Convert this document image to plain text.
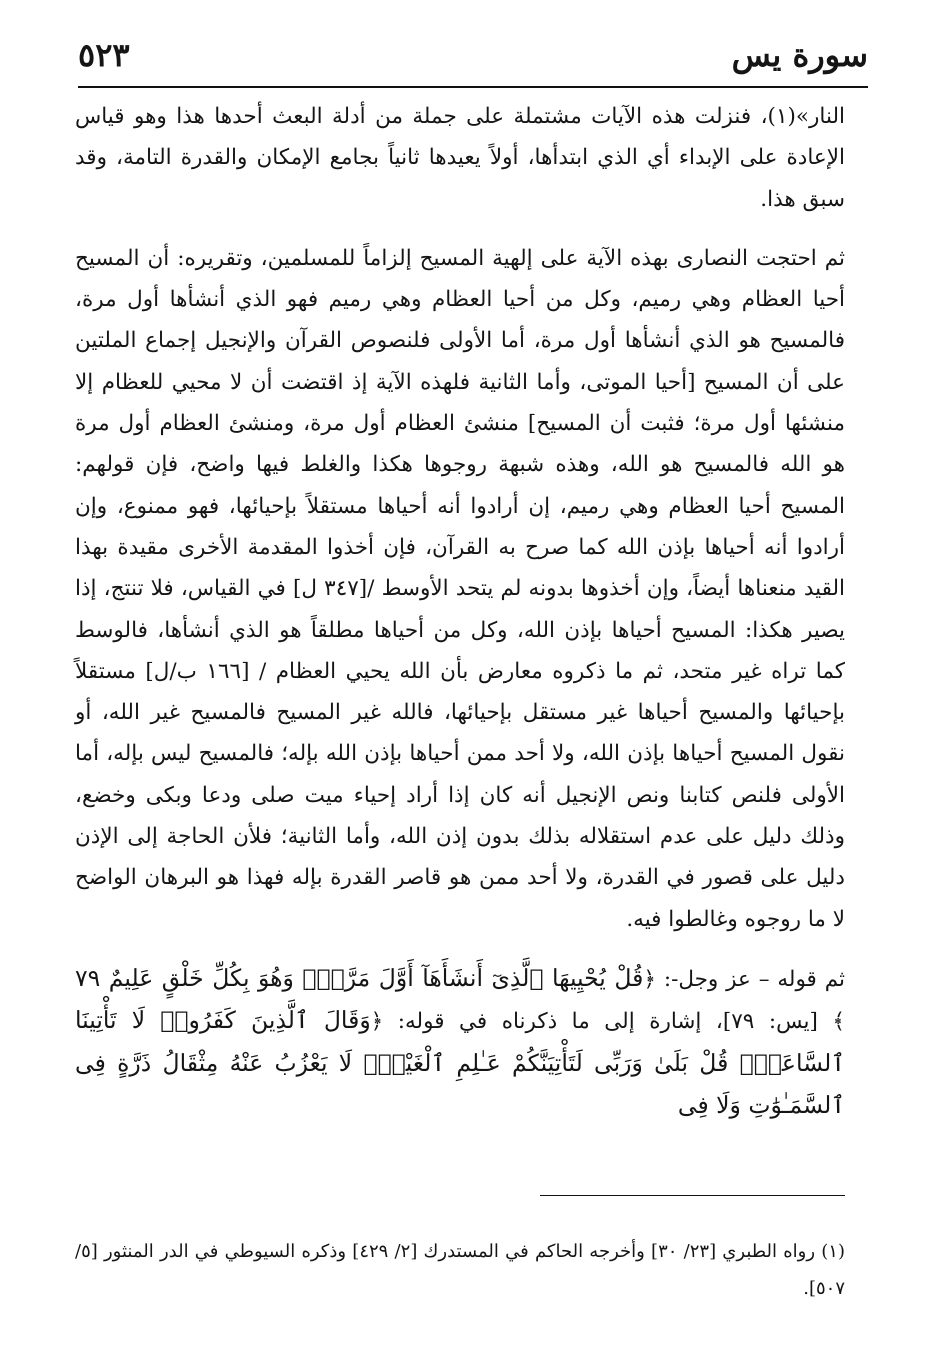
٥٢٣	سورة يس

النار»(١)، فنزلت هذه الآيات مشتملة على جملة من أدلة البعث أحدها هذا وهو قياس الإعادة على الإبداء أي الذي ابتدأها، أولاً يعيدها ثانياً بجامع الإمكان والقدرة التامة، وقد سبق هذا.

ثم احتجت النصارى بهذه الآية على إلهية المسيح إلزاماً للمسلمين، وتقريره: أن المسيح أحيا العظام وهي رميم، وكل من أحيا العظام وهي رميم فهو الذي أنشأها أول مرة، فالمسيح هو الذي أنشأها أول مرة، أما الأولى فلنصوص القرآن والإنجيل إجماع الملتين على أن المسيح [أحيا الموتى، وأما الثانية فلهذه الآية إذ اقتضت أن لا محيي للعظام إلا منشئها أول مرة؛ فثبت أن المسيح] منشئ العظام أول مرة، ومنشئ العظام أول مرة هو الله فالمسيح هو الله، وهذه شبهة روجوها هكذا والغلط فيها واضح، فإن قولهم: المسيح أحيا العظام وهي رميم، إن أرادوا أنه أحياها مستقلاً بإحيائها، فهو ممنوع، وإن أرادوا أنه أحياها بإذن الله كما صرح به القرآن، فإن أخذوا المقدمة الأخرى مقيدة بهذا القيد منعناها أيضاً، وإن أخذوها بدونه لم يتحد الأوسط /[٣٤٧ ل] في القياس، فلا تنتج، إذا يصير هكذا: المسيح أحياها بإذن الله، وكل من أحياها مطلقاً هو الذي أنشأها، فالوسط كما تراه غير متحد، ثم ما ذكروه معارض بأن الله يحيي العظام / [١٦٦ ب/ل] مستقلاً بإحيائها والمسيح أحياها غير مستقل بإحيائها، فالله غير المسيح فالمسيح غير الله، أو نقول المسيح أحياها بإذن الله، ولا أحد ممن أحياها بإذن الله بإله؛ فالمسيح ليس بإله، أما الأولى فلنص كتابنا ونص الإنجيل أنه كان إذا أراد إحياء ميت صلى ودعا وبكى وخضع، وذلك دليل على عدم استقلاله بذلك بدون إذن الله، وأما الثانية؛ فلأن الحاجة إلى الإذن دليل على قصور في القدرة، ولا أحد ممن هو قاصر القدرة بإله فهذا هو البرهان الواضح لا ما روجوه وغالطوا فيه.

ثم قوله – عز وجل-: ﴿قُلْ يُحْيِيهَا ٱلَّذِىٓ أَنشَأَهَآ أَوَّلَ مَرَّةٍۖ وَهُوَ بِكُلِّ خَلْقٍ عَلِيمٌ ٧٩ ﴾ [يس: ٧٩]، إشارة إلى ما ذكرناه في قوله: ﴿وَقَالَ ٱلَّذِينَ كَفَرُوا۟ لَا تَأْتِينَا ٱلسَّاعَةُۖ قُلْ بَلَىٰ وَرَبِّى لَتَأْتِيَنَّكُمْ عَـٰلِمِ ٱلْغَيْبِۖ لَا يَعْزُبُ عَنْهُ مِثْقَالُ ذَرَّةٍ فِى ٱلسَّمَـٰوَٰتِ وَلَا فِى

(١) رواه الطبري [٢٣/ ٣٠] وأخرجه الحاكم في المستدرك [٢/ ٤٢٩] وذكره السيوطي في الدر المنثور [٥/ ٥٠٧].
